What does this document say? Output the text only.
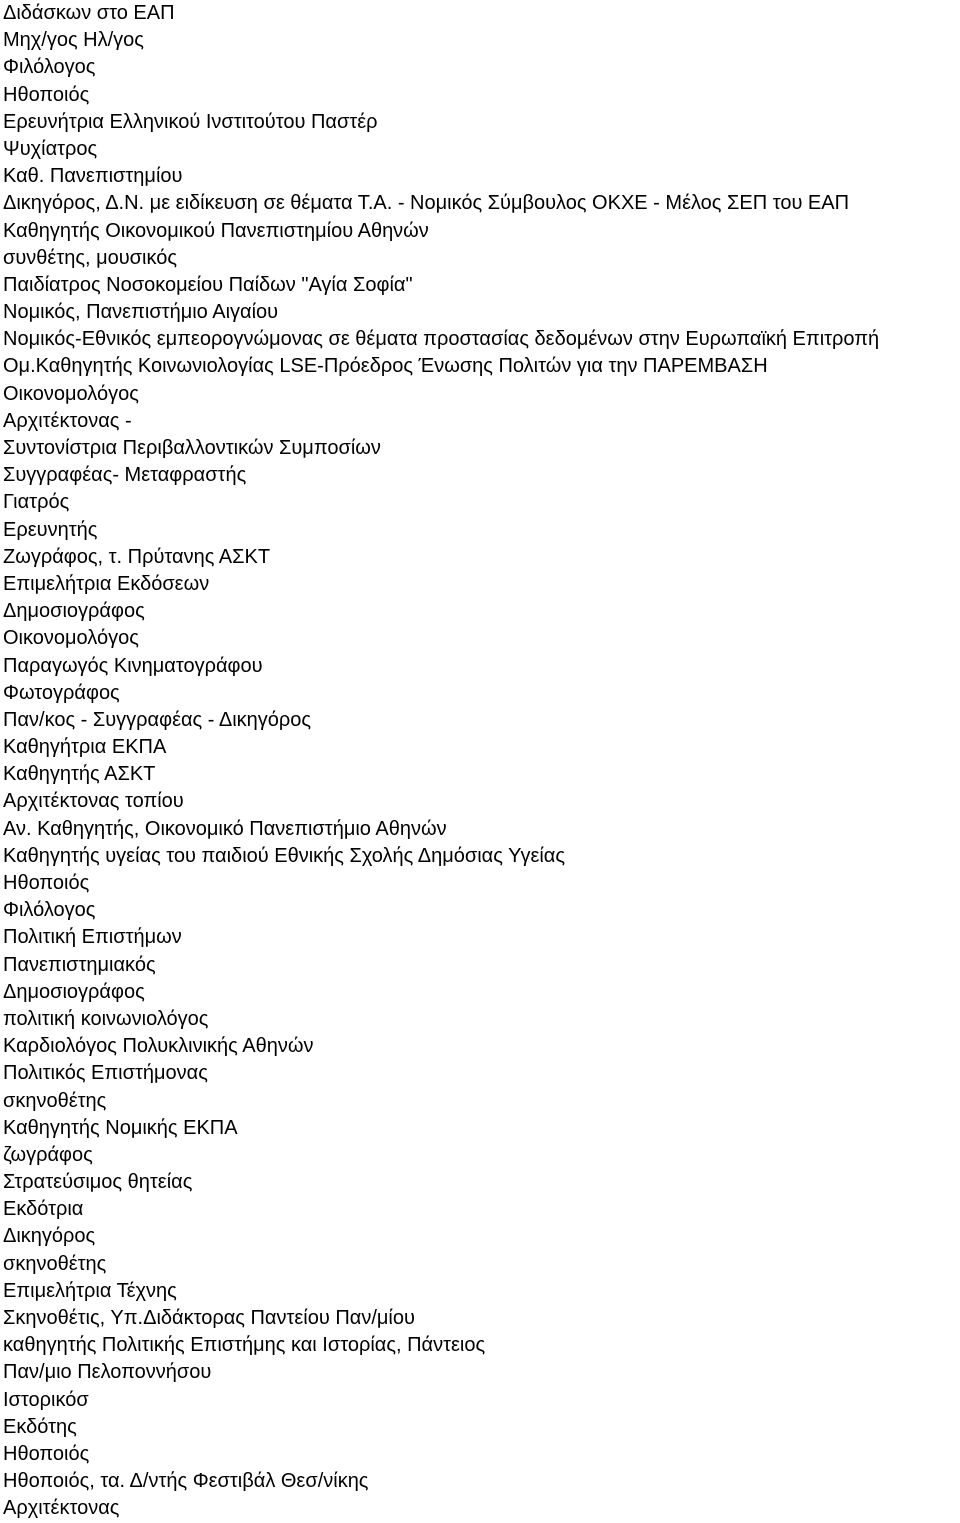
Διδάσκων στο ΕΑΠ

Μηχ/γος Ηλ/γος

Φιλόλογος

Ηθοποιός

Ερευνήτρια Ελληνικού Ινστιτούτου Παστέρ

Ψυχίατρος

Καθ. Πανεπιστημίου

Δικηγόρος, Δ.Ν. με ειδίκευση σε θέματα Τ.Α. - Νομικός Σύμβουλος ΟΚΧΕ - Μέλος ΣΕΠ του ΕΑΠ

Καθηγητής Οικονομικού Πανεπιστημίου Αθηνών

συνθέτης, μουσικός

Παιδίατρος Νοσοκομείου Παίδων "Αγία Σοφία"

Νομικός, Πανεπιστήμιο Αιγαίου

Νομικός-Εθνικός εμπεορογνώμονας σε θέματα προστασίας δεδομένων στην Ευρωπαϊκή Επιτροπή

Ομ.Καθηγητής Κοινωνιολογίας LSE-Πρόεδρος Ένωσης Πολιτών για την ΠΑΡΕΜΒΑΣΗ

Οικονομολόγος

Αρχιτέκτονας -

Συντονίστρια Περιβαλλοντικών Συμποσίων

Συγγραφέας- Μεταφραστής

Γιατρός

Ερευνητής

Ζωγράφος, τ. Πρύτανης ΑΣΚΤ

Επιμελήτρια Εκδόσεων

Δημοσιογράφος

Οικονομολόγος

Παραγωγός Κινηματογράφου

Φωτογράφος

Παν/κος - Συγγραφέας - Δικηγόρος

Καθηγήτρια ΕΚΠΑ

Καθηγητής ΑΣΚΤ

Αρχιτέκτονας τοπίου

Αν. Καθηγητής, Οικονομικό Πανεπιστήμιο Αθηνών

Καθηγητής υγείας του παιδιού Εθνικής Σχολής Δημόσιας Υγείας

Ηθοποιός

Φιλόλογος

Πολιτική Επιστήμων

Πανεπιστημιακός

Δημοσιογράφος

πολιτική κοινωνιολόγος

Καρδιολόγος Πολυκλινικής Αθηνών

Πολιτικός Επιστήμονας

σκηνοθέτης

Καθηγητής Νομικής ΕΚΠΑ

ζωγράφος

Στρατεύσιμος θητείας

Εκδότρια

Δικηγόρος

σκηνοθέτης

Επιμελήτρια Τέχνης

Σκηνοθέτις, Υπ.Διδάκτορας Παντείου Παν/μίου

καθηγητής Πολιτικής Επιστήμης και Ιστορίας, Πάντειος

Παν/μιο Πελοποννήσου

Ιστορικόσ

Εκδότης

Ηθοποιός

Ηθοποιός, τα. Δ/ντής Φεστιβάλ Θεσ/νίκης

Αρχιτέκτονας
